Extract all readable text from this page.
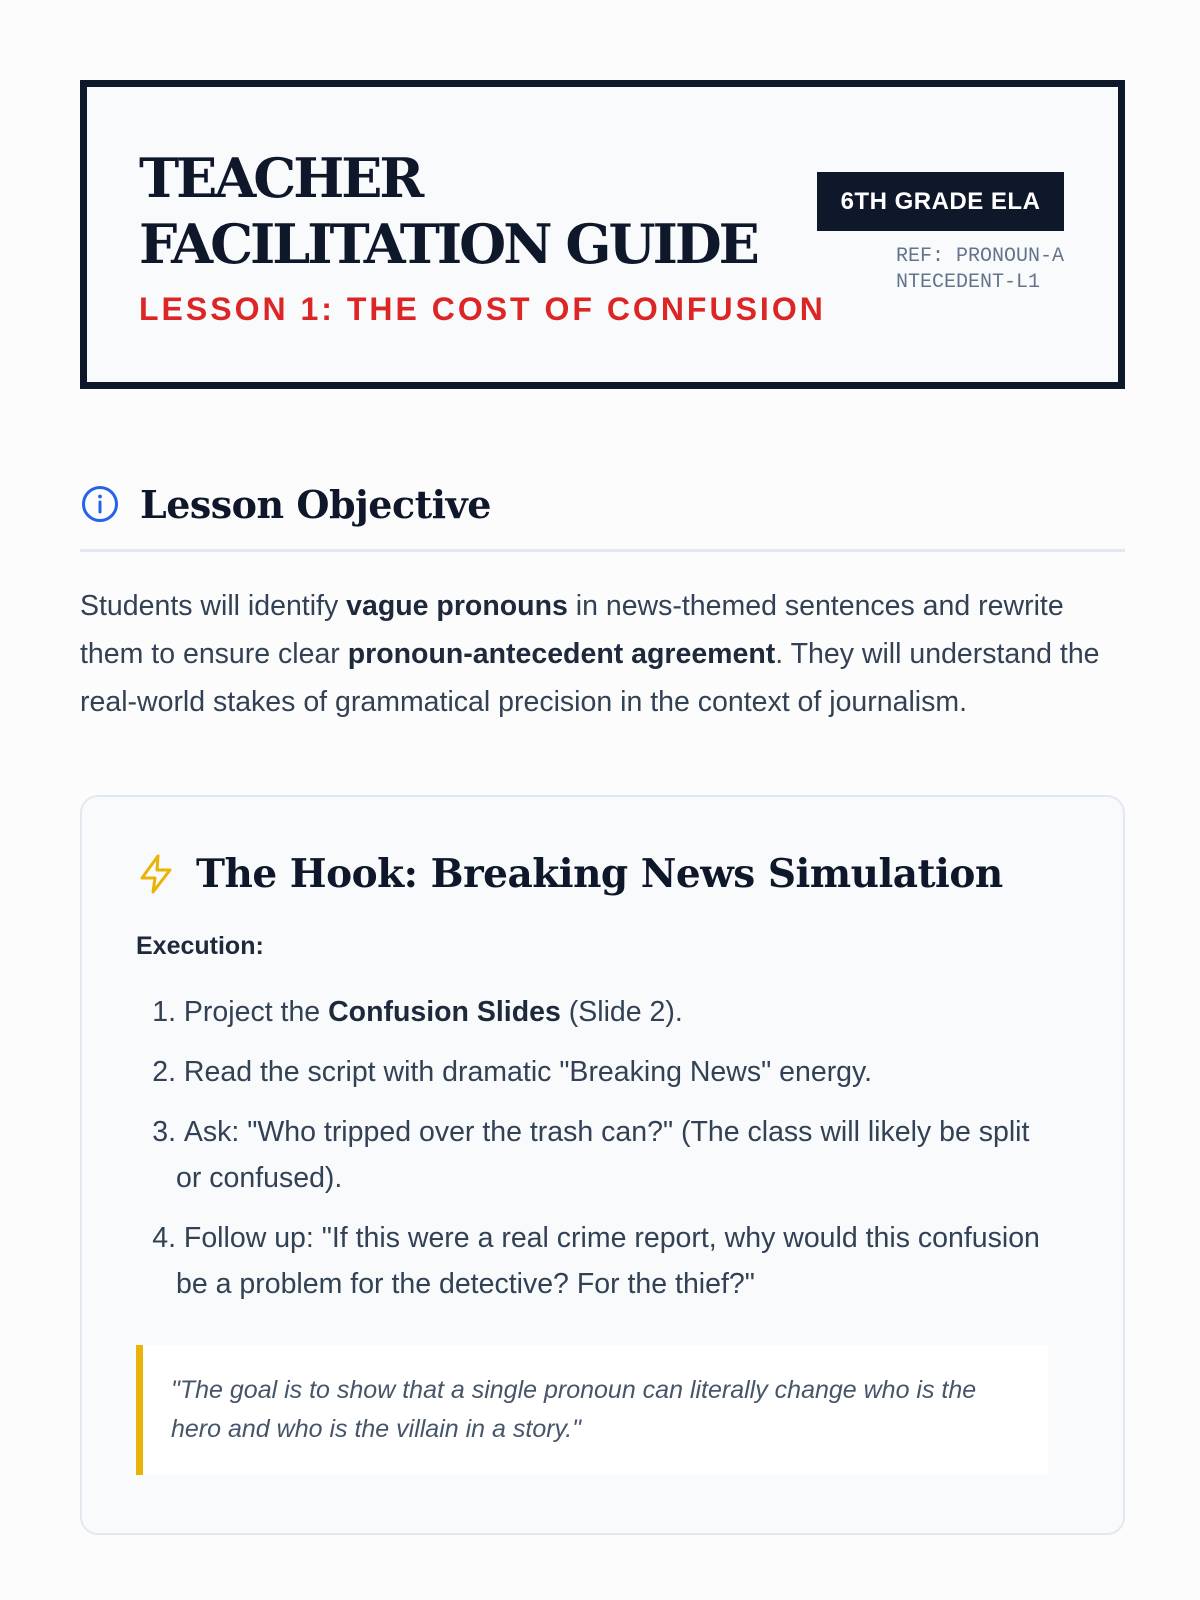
TEACHER FACILITATION GUIDE
LESSON 1: THE COST OF CONFUSION
6TH GRADE ELA
REF: PRONOUN-ANTECEDENT-L1
Lesson Objective

Students will identify vague pronouns in news-themed sentences and rewrite them to ensure clear pronoun-antecedent agreement. They will understand the real-world stakes of grammatical precision in the context of journalism.

The Hook: Breaking News Simulation
Execution:
1. Project the Confusion Slides (Slide 2).
2. Read the script with dramatic "Breaking News" energy.
3. Ask: "Who tripped over the trash can?" (The class will likely be split or confused).
4. Follow up: "If this were a real crime report, why would this confusion be a problem for the detective? For the thief?"
"The goal is to show that a single pronoun can literally change who is the hero and who is the villain in a story."
